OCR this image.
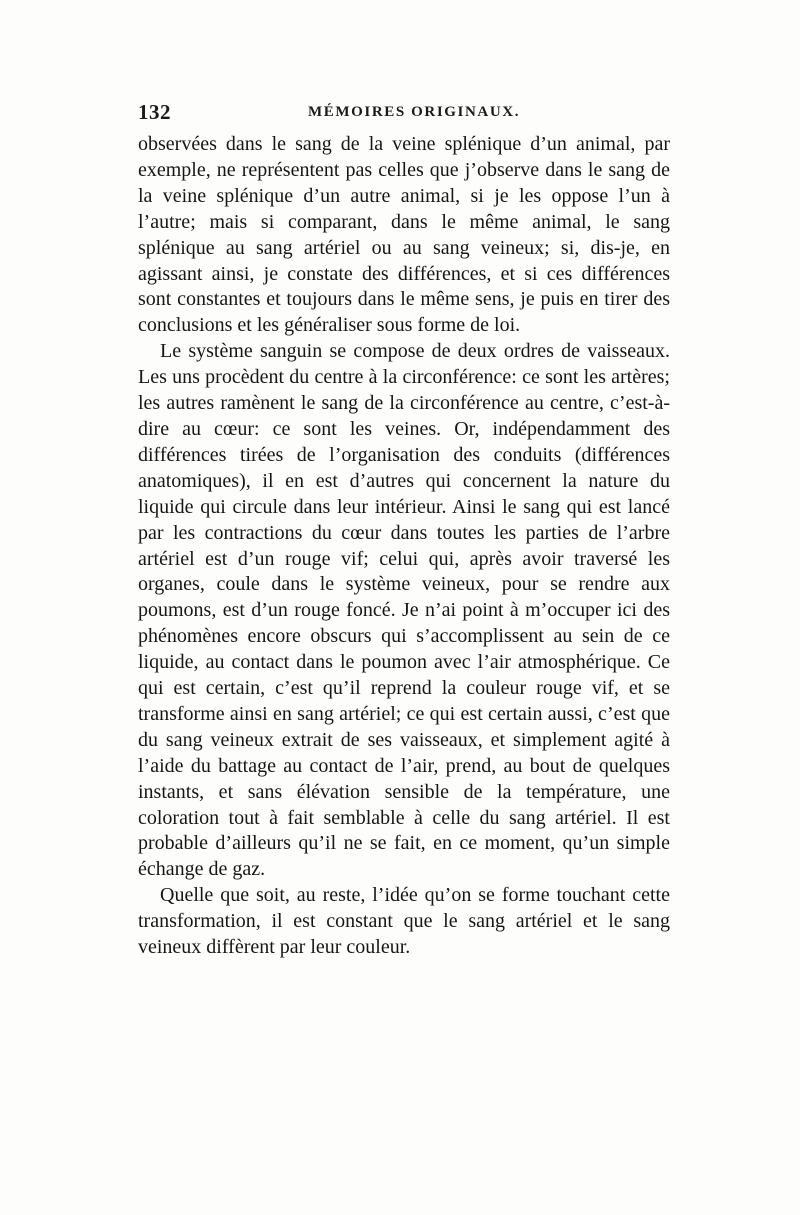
132	MÉMOIRES ORIGINAUX.

observées dans le sang de la veine splénique d’un animal, par exemple, ne représentent pas celles que j’observe dans le sang de la veine splénique d’un autre animal, si je les oppose l’un à l’autre; mais si comparant, dans le même animal, le sang splénique au sang artériel ou au sang veineux; si, dis-je, en agissant ainsi, je constate des différences, et si ces différences sont constantes et toujours dans le même sens, je puis en tirer des conclusions et les généraliser sous forme de loi.

Le système sanguin se compose de deux ordres de vaisseaux. Les uns procèdent du centre à la circonférence: ce sont les artères; les autres ramènent le sang de la circonférence au centre, c’est-à-dire au cœur: ce sont les veines. Or, indépendamment des différences tirées de l’organisation des conduits (différences anatomiques), il en est d’autres qui concernent la nature du liquide qui circule dans leur intérieur. Ainsi le sang qui est lancé par les contractions du cœur dans toutes les parties de l’arbre artériel est d’un rouge vif; celui qui, après avoir traversé les organes, coule dans le système veineux, pour se rendre aux poumons, est d’un rouge foncé. Je n’ai point à m’occuper ici des phénomènes encore obscurs qui s’accomplissent au sein de ce liquide, au contact dans le poumon avec l’air atmosphérique. Ce qui est certain, c’est qu’il reprend la couleur rouge vif, et se transforme ainsi en sang artériel; ce qui est certain aussi, c’est que du sang veineux extrait de ses vaisseaux, et simplement agité à l’aide du battage au contact de l’air, prend, au bout de quelques instants, et sans élévation sensible de la température, une coloration tout à fait semblable à celle du sang artériel. Il est probable d’ailleurs qu’il ne se fait, en ce moment, qu’un simple échange de gaz.

Quelle que soit, au reste, l’idée qu’on se forme touchant cette transformation, il est constant que le sang artériel et le sang veineux diffèrent par leur couleur.
